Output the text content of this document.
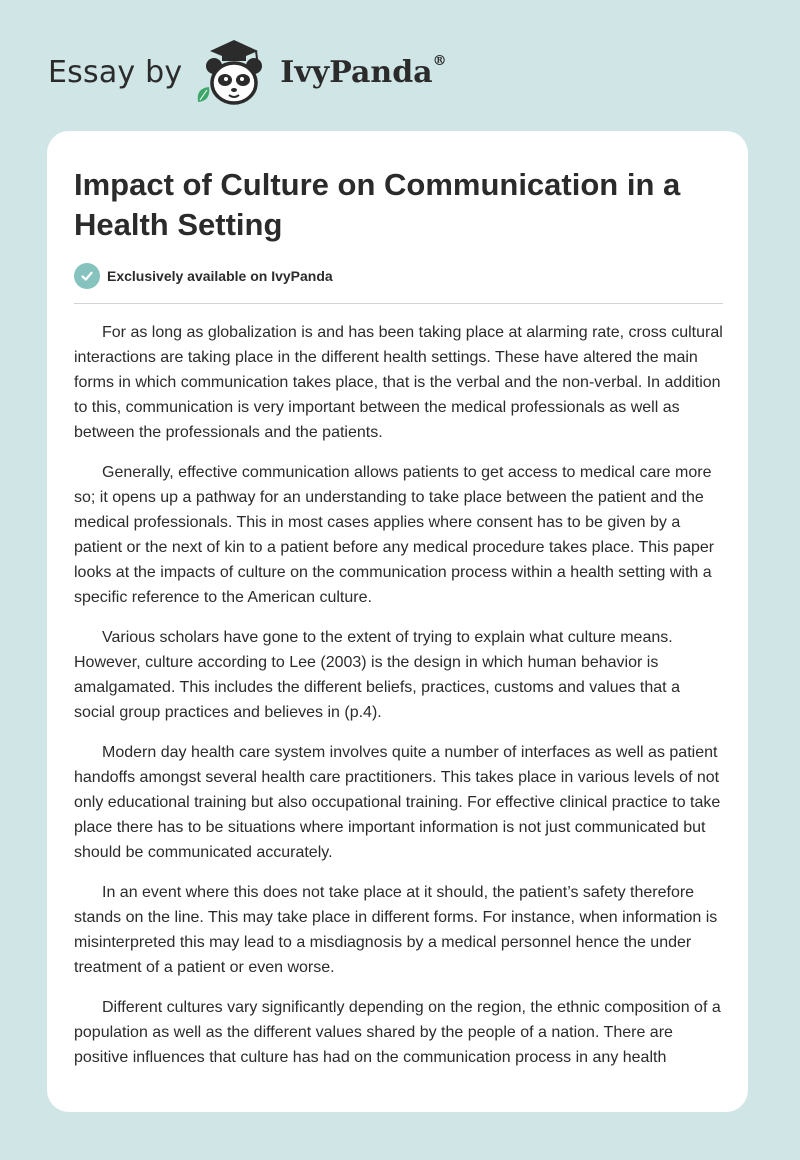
Essay by	IvyPanda®
Impact of Culture on Communication in a Health Setting
Exclusively available on IvyPanda

For as long as globalization is and has been taking place at alarming rate, cross cultural interactions are taking place in the different health settings. These have altered the main forms in which communication takes place, that is the verbal and the non-verbal. In addition to this, communication is very important between the medical professionals as well as between the professionals and the patients.

Generally, effective communication allows patients to get access to medical care more so; it opens up a pathway for an understanding to take place between the patient and the medical professionals. This in most cases applies where consent has to be given by a patient or the next of kin to a patient before any medical procedure takes place. This paper looks at the impacts of culture on the communication process within a health setting with a specific reference to the American culture.

Various scholars have gone to the extent of trying to explain what culture means. However, culture according to Lee (2003) is the design in which human behavior is amalgamated. This includes the different beliefs, practices, customs and values that a social group practices and believes in (p.4).

Modern day health care system involves quite a number of interfaces as well as patient handoffs amongst several health care practitioners. This takes place in various levels of not only educational training but also occupational training. For effective clinical practice to take place there has to be situations where important information is not just communicated but should be communicated accurately.

In an event where this does not take place at it should, the patient’s safety therefore stands on the line. This may take place in different forms. For instance, when information is misinterpreted this may lead to a misdiagnosis by a medical personnel hence the under treatment of a patient or even worse.

Different cultures vary significantly depending on the region, the ethnic composition of a population as well as the different values shared by the people of a nation. There are positive influences that culture has had on the communication process in any health
